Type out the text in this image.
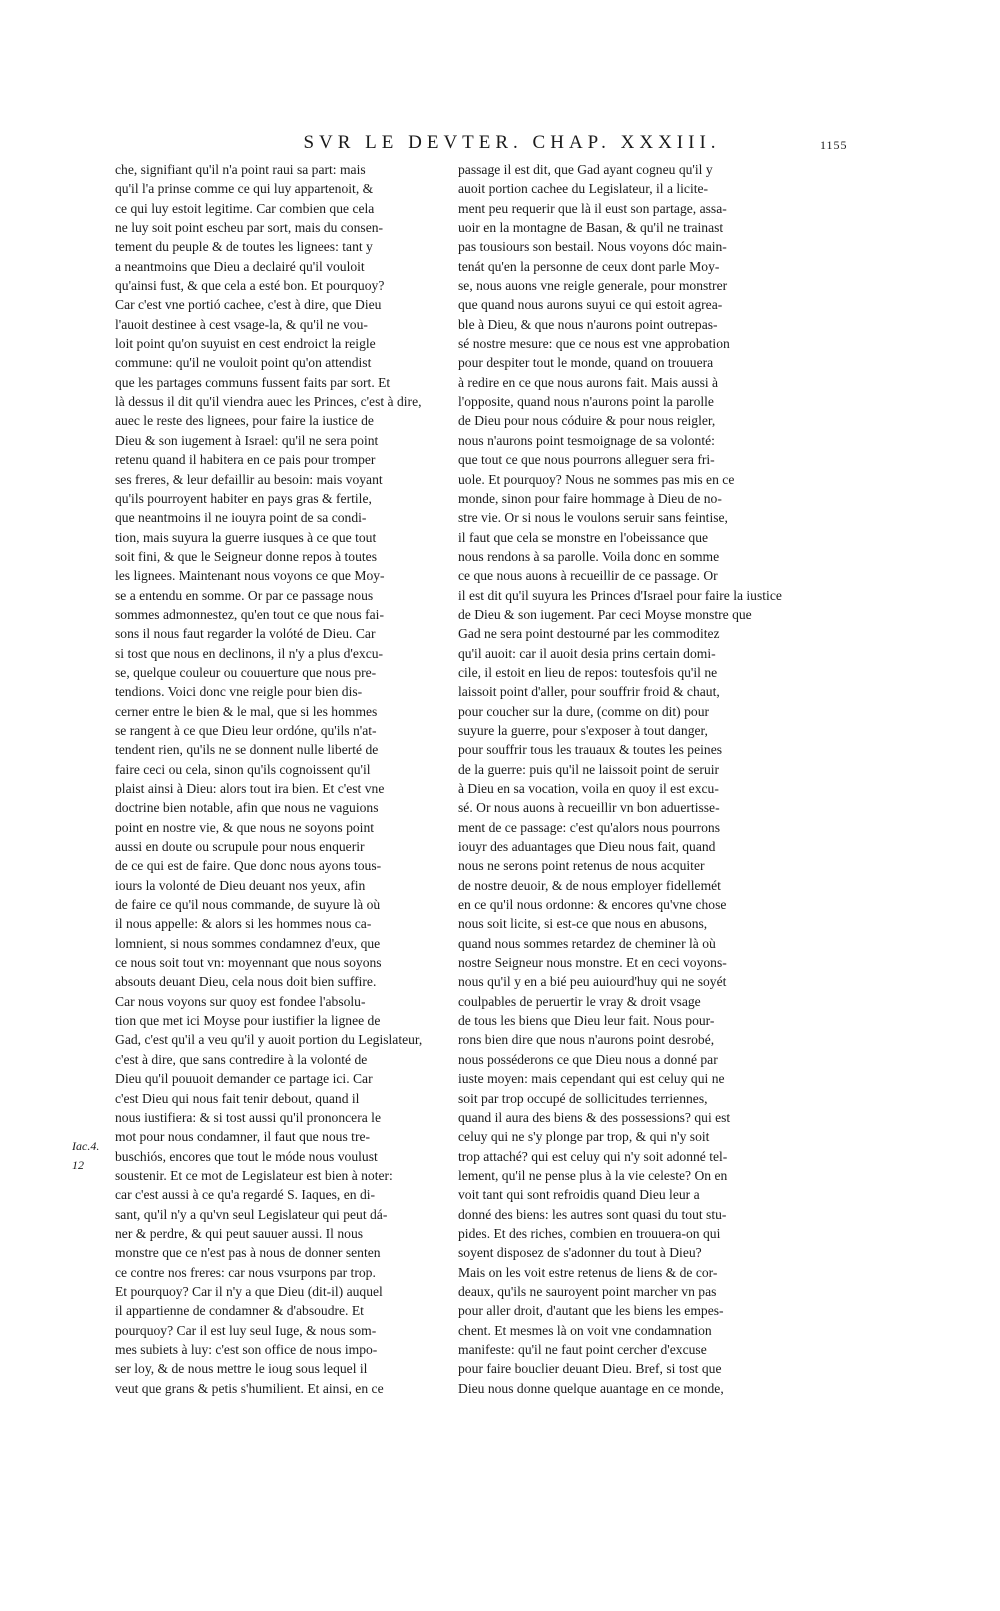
SVR LE DEVTER. CHAP. XXXIII.	1155
Iac.4.
12
che, signifiant qu'il n'a point raui sa part: mais
qu'il l'a prinse comme ce qui luy appartenoit, &
ce qui luy estoit legitime. Car combien que cela
ne luy soit point escheu par sort, mais du consen-
tement du peuple & de toutes les lignees: tant y
a neantmoins que Dieu a declairé qu'il vouloit
qu'ainsi fust, & que cela a esté bon. Et pourquoy?
Car c'est vne portió cachee, c'est à dire, que Dieu
l'auoit destinee à cest vsage-la, & qu'il ne vou-
loit point qu'on suyuist en cest endroict la reigle
commune: qu'il ne vouloit point qu'on attendist
que les partages communs fussent faits par sort. Et
là dessus il dit qu'il viendra auec les Princes, c'est à dire,
auec le reste des lignees, pour faire la iustice de
Dieu & son iugement à Israel: qu'il ne sera point
retenu quand il habitera en ce pais pour tromper
ses freres, & leur defaillir au besoin: mais voyant
qu'ils pourroyent habiter en pays gras & fertile,
que neantmoins il ne iouyra point de sa condi-
tion, mais suyura la guerre iusques à ce que tout
soit fini, & que le Seigneur donne repos à toutes
les lignees. Maintenant nous voyons ce que Moy-
se a entendu en somme. Or par ce passage nous
sommes admonnestez, qu'en tout ce que nous fai-
sons il nous faut regarder la volóté de Dieu. Car
si tost que nous en declinons, il n'y a plus d'excu-
se, quelque couleur ou couuerture que nous pre-
tendions. Voici donc vne reigle pour bien dis-
cerner entre le bien & le mal, que si les hommes
se rangent à ce que Dieu leur ordóne, qu'ils n'at-
tendent rien, qu'ils ne se donnent nulle liberté de
faire ceci ou cela, sinon qu'ils cognoissent qu'il
plaist ainsi à Dieu: alors tout ira bien. Et c'est vne
doctrine bien notable, afin que nous ne vaguions
point en nostre vie, & que nous ne soyons point
aussi en doute ou scrupule pour nous enquerir
de ce qui est de faire. Que donc nous ayons tous-
iours la volonté de Dieu deuant nos yeux, afin
de faire ce qu'il nous commande, de suyure là où
il nous appelle: & alors si les hommes nous ca-
lomnient, si nous sommes condamnez d'eux, que
ce nous soit tout vn: moyennant que nous soyons
absouts deuant Dieu, cela nous doit bien suffire.
Car nous voyons sur quoy est fondee l'absolu-
tion que met ici Moyse pour iustifier la lignee de
Gad, c'est qu'il a veu qu'il y auoit portion du Legislateur,
c'est à dire, que sans contredire à la volonté de
Dieu qu'il pouuoit demander ce partage ici. Car
c'est Dieu qui nous fait tenir debout, quand il
nous iustifiera: & si tost aussi qu'il prononcera le
mot pour nous condamner, il faut que nous tre-
buschiós, encores que tout le móde nous voulust
soustenir. Et ce mot de Legislateur est bien à noter:
car c'est aussi à ce qu'a regardé S. Iaques, en di-
sant, qu'il n'y a qu'vn seul Legislateur qui peut dá-
ner & perdre, & qui peut sauuer aussi. Il nous
monstre que ce n'est pas à nous de donner senten
ce contre nos freres: car nous vsurpons par trop.
Et pourquoy? Car il n'y a que Dieu (dit-il) auquel
il appartienne de condamner & d'absoudre. Et
pourquoy? Car il est luy seul Iuge, & nous som-
mes subiets à luy: c'est son office de nous impo-
ser loy, & de nous mettre le ioug sous lequel il
veut que grans & petis s'humilient. Et ainsi, en ce
passage il est dit, que Gad ayant cogneu qu'il y
auoit portion cachee du Legislateur, il a licite-
ment peu requerir que là il eust son partage, assa-
uoir en la montagne de Basan, & qu'il ne trainast
pas tousiours son bestail. Nous voyons dóc main-
tenát qu'en la personne de ceux dont parle Moy-
se, nous auons vne reigle generale, pour monstrer
que quand nous aurons suyui ce qui estoit agrea-
ble à Dieu, & que nous n'aurons point outrepas-
sé nostre mesure: que ce nous est vne approbation
pour despiter tout le monde, quand on trouuera
à redire en ce que nous aurons fait. Mais aussi à
l'opposite, quand nous n'aurons point la parolle
de Dieu pour nous códuire & pour nous reigler,
nous n'aurons point tesmoignage de sa volonté:
que tout ce que nous pourrons alleguer sera fri-
uole. Et pourquoy? Nous ne sommes pas mis en ce
monde, sinon pour faire hommage à Dieu de no-
stre vie. Or si nous le voulons seruir sans feintise,
il faut que cela se monstre en l'obeissance que
nous rendons à sa parolle. Voila donc en somme
ce que nous auons à recueillir de ce passage. Or
il est dit qu'il suyura les Princes d'Israel pour faire la iustice
de Dieu & son iugement. Par ceci Moyse monstre que
Gad ne sera point destourné par les commoditez
qu'il auoit: car il auoit desia prins certain domi-
cile, il estoit en lieu de repos: toutesfois qu'il ne
laissoit point d'aller, pour souffrir froid & chaut,
pour coucher sur la dure, (comme on dit) pour
suyure la guerre, pour s'exposer à tout danger,
pour souffrir tous les trauaux & toutes les peines
de la guerre: puis qu'il ne laissoit point de seruir
à Dieu en sa vocation, voila en quoy il est excu-
sé. Or nous auons à recueillir vn bon aduertisse-
ment de ce passage: c'est qu'alors nous pourrons
iouyr des aduantages que Dieu nous fait, quand
nous ne serons point retenus de nous acquiter
de nostre deuoir, & de nous employer fidellemét
en ce qu'il nous ordonne: & encores qu'vne chose
nous soit licite, si est-ce que nous en abusons,
quand nous sommes retardez de cheminer là où
nostre Seigneur nous monstre. Et en ceci voyons-
nous qu'il y en a bié peu auiourd'huy qui ne soyét
coulpables de peruertir le vray & droit vsage
de tous les biens que Dieu leur fait. Nous pour-
rons bien dire que nous n'aurons point desrobé,
nous posséderons ce que Dieu nous a donné par
iuste moyen: mais cependant qui est celuy qui ne
soit par trop occupé de sollicitudes terriennes,
quand il aura des biens & des possessions? qui est
celuy qui ne s'y plonge par trop, & qui n'y soit
trop attaché? qui est celuy qui n'y soit adonné tel-
lement, qu'il ne pense plus à la vie celeste? On en
voit tant qui sont refroidis quand Dieu leur a
donné des biens: les autres sont quasi du tout stu-
pides. Et des riches, combien en trouuera-on qui
soyent disposez de s'adonner du tout à Dieu?
Mais on les voit estre retenus de liens & de cor-
deaux, qu'ils ne sauroyent point marcher vn pas
pour aller droit, d'autant que les biens les empes-
chent. Et mesmes là on voit vne condamnation
manifeste: qu'il ne faut point cercher d'excuse
pour faire bouclier deuant Dieu. Bref, si tost que
Dieu nous donne quelque auantage en ce monde,
